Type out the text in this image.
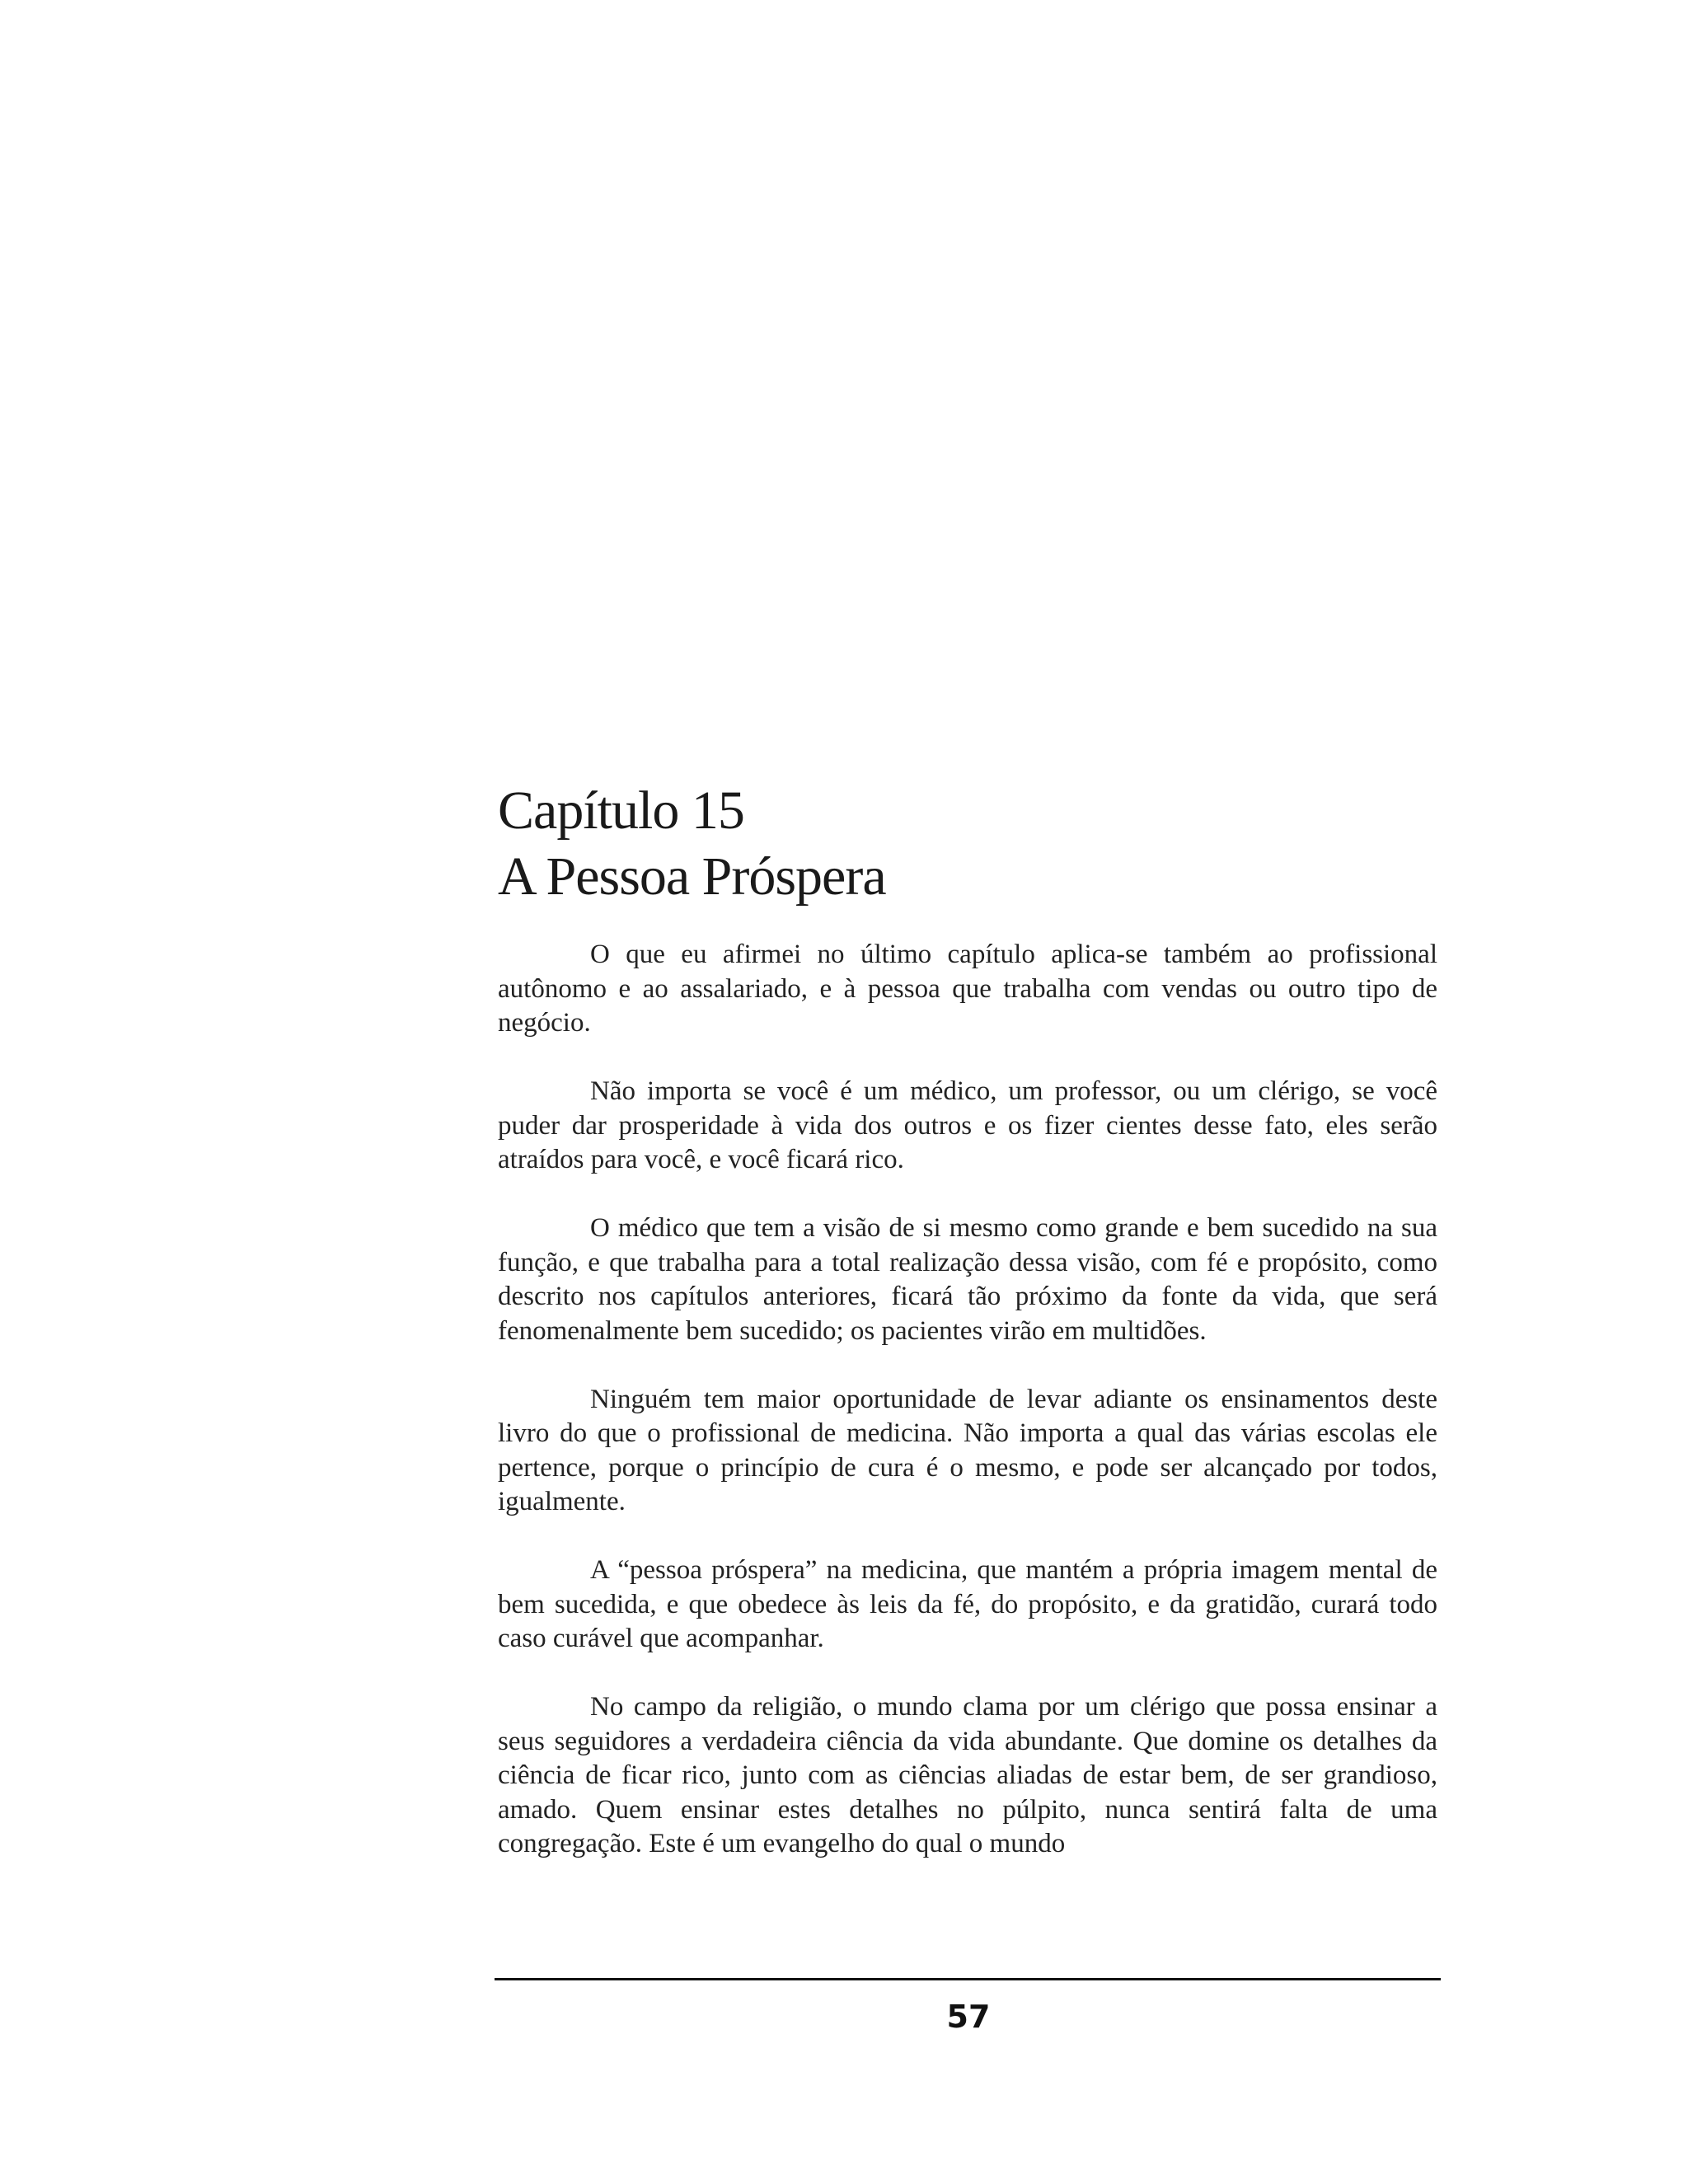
Capítulo 15
A Pessoa Próspera

O que eu afirmei no último capítulo aplica-se também ao profissional autônomo e ao assalariado, e à pessoa que trabalha com vendas ou outro tipo de negócio.

Não importa se você é um médico, um professor, ou um clérigo, se você puder dar prosperidade à vida dos outros e os fizer cientes desse fato, eles serão atraídos para você, e você ficará rico.

O médico que tem a visão de si mesmo como grande e bem sucedido na sua função, e que trabalha para a total realização dessa visão, com fé e propósito, como descrito nos capítulos anteriores, ficará tão próximo da fonte da vida, que será fenomenalmente bem sucedido; os pacientes virão em multidões.

Ninguém tem maior oportunidade de levar adiante os ensinamentos deste livro do que o profissional de medicina. Não importa a qual das várias escolas ele pertence, porque o princípio de cura é o mesmo, e pode ser alcançado por todos, igualmente.

A “pessoa próspera” na medicina, que mantém a própria imagem mental de bem sucedida, e que obedece às leis da fé, do propósito, e da gratidão, curará todo caso curável que acompanhar.

No campo da religião, o mundo clama por um clérigo que possa ensinar a seus seguidores a verdadeira ciência da vida abundante. Que domine os detalhes da ciência de ficar rico, junto com as ciências aliadas de estar bem, de ser grandioso, amado. Quem ensinar estes detalhes no púlpito, nunca sentirá falta de uma congregação. Este é um evangelho do qual o mundo

57
